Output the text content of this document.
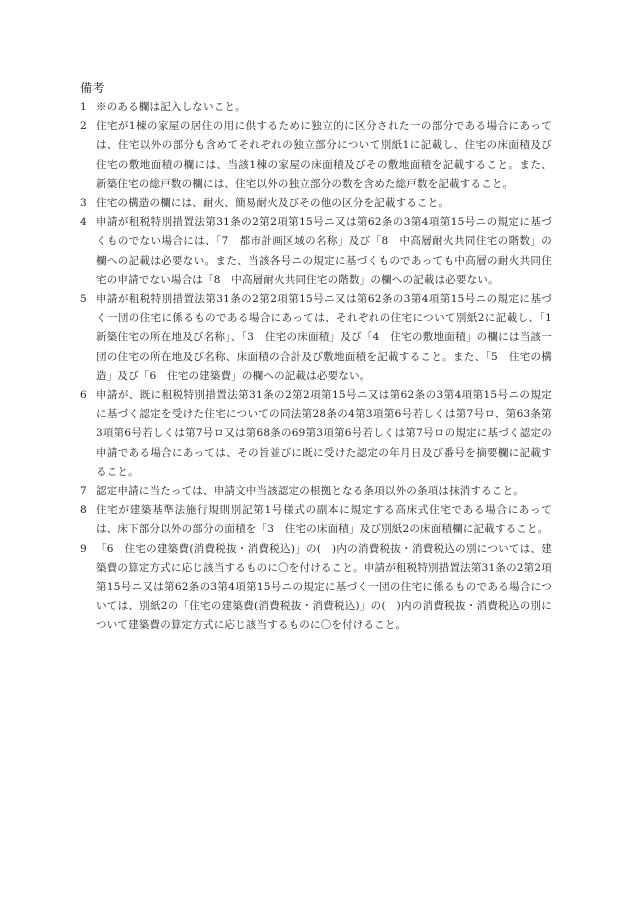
備考
1 ※のある欄は記入しないこと。
2 住宅が1棟の家屋の居住の用に供するために独立的に区分された一の部分である場合にあっては、住宅以外の部分も含めてそれぞれの独立部分について別紙1に記載し、住宅の床面積及び住宅の敷地面積の欄には、当該1棟の家屋の床面積及びその敷地面積を記載すること。また、新築住宅の総戸数の欄には、住宅以外の独立部分の数を含めた総戸数を記載すること。
3 住宅の構造の欄には、耐火、簡易耐火及びその他の区分を記載すること。
4 申請が租税特別措置法第31条の2第2項第15号ニ又は第62条の3第4項第15号ニの規定に基づくものでない場合には、「7　都市計画区域の名称」及び「8　中高層耐火共同住宅の階数」の欄への記載は必要ない。また、当該各号ニの規定に基づくものであっても中高層の耐火共同住宅の申請でない場合は「8　中高層耐火共同住宅の階数」の欄への記載は必要ない。
5 申請が租税特別措置法第31条の2第2項第15号ニ又は第62条の3第4項第15号ニの規定に基づく一団の住宅に係るものである場合にあっては、それぞれの住宅について別紙2に記載し、「1　新築住宅の所在地及び名称」、「3　住宅の床面積」及び「4　住宅の敷地面積」の欄には当該一団の住宅の所在地及び名称、床面積の合計及び敷地面積を記載すること。また、「5　住宅の構造」及び「6　住宅の建築費」の欄への記載は必要ない。
6 申請が、既に租税特別措置法第31条の2第2項第15号ニ又は第62条の3第4項第15号ニの規定に基づく認定を受けた住宅についての同法第28条の4第3項第6号若しくは第7号ロ、第63条第3項第6号若しくは第7号ロ又は第68条の69第3項第6号若しくは第7号ロの規定に基づく認定の申請である場合にあっては、その旨並びに既に受けた認定の年月日及び番号を摘要欄に記載すること。
7 認定申請に当たっては、申請文中当該認定の根拠となる条項以外の条項は抹消すること。
8 住宅が建築基準法施行規則別記第1号様式の副本に規定する高床式住宅である場合にあっては、床下部分以外の部分の面積を「3　住宅の床面積」及び別紙2の床面積欄に記載すること。
9 「6　住宅の建築費(消費税抜・消費税込)」の(　)内の消費税抜・消費税込の別については、建築費の算定方式に応じ該当するものに〇を付けること。申請が租税特別措置法第31条の2第2項第15号ニ又は第62条の3第4項第15号ニの規定に基づく一団の住宅に係るものである場合については、別紙2の「住宅の建築費(消費税抜・消費税込)」の(　)内の消費税抜・消費税込の別について建築費の算定方式に応じ該当するものに〇を付けること。
